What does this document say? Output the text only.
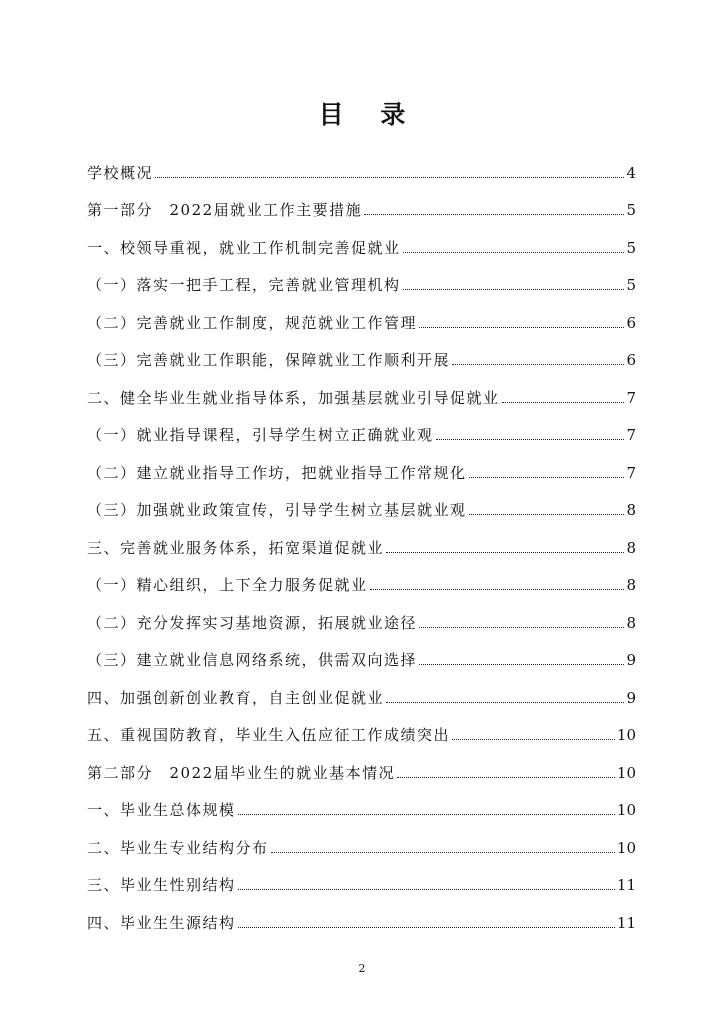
目 录
学校概况	4
第一部分　2022届就业工作主要措施	5
一、校领导重视，就业工作机制完善促就业	5
（一）落实一把手工程，完善就业管理机构	5
（二）完善就业工作制度，规范就业工作管理	6
（三）完善就业工作职能，保障就业工作顺利开展	6
二、健全毕业生就业指导体系，加强基层就业引导促就业	7
（一）就业指导课程，引导学生树立正确就业观	7
（二）建立就业指导工作坊，把就业指导工作常规化	7
（三）加强就业政策宣传，引导学生树立基层就业观	8
三、完善就业服务体系，拓宽渠道促就业	8
（一）精心组织，上下全力服务促就业	8
（二）充分发挥实习基地资源，拓展就业途径	8
（三）建立就业信息网络系统，供需双向选择	9
四、加强创新创业教育，自主创业促就业	9
五、重视国防教育，毕业生入伍应征工作成绩突出	10
第二部分　2022届毕业生的就业基本情况	10
一、毕业生总体规模	10
二、毕业生专业结构分布	10
三、毕业生性别结构	11
四、毕业生生源结构	11
2
